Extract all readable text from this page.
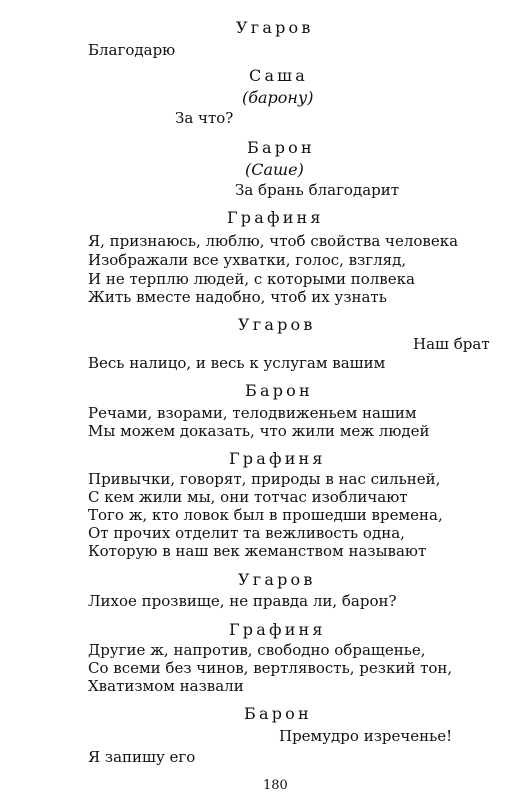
Угаров
Благодарю
Саша
(барону)
За что?
Барон
(Саше)
За брань благодарит
Графиня
Я, признаюсь, люблю, чтоб свойства человека
Изображали все ухватки, голос, взгляд,
И не терплю людей, с которыми полвека
Жить вместе надобно, чтоб их узнать
Угаров
Наш брат
Весь налицо, и весь к услугам вашим
Барон
Речами, взорами, телодвиженьем нашим
Мы можем доказать, что жили меж людей
Графиня
Привычки, говорят, природы в нас сильней,
С кем жили мы, они тотчас изобличают
Того ж, кто ловок был в прошедши времена,
От прочих отделит та вежливость одна,
Которую в наш век жеманством называют
Угаров
Лихое прозвище, не правда ли, барон?
Графиня
Другие ж, напротив, свободно обращенье,
Со всеми без чинов, вертлявость, резкий тон,
Хватизмом назвали
Барон
Премудро изреченье!
Я запишу его
180
